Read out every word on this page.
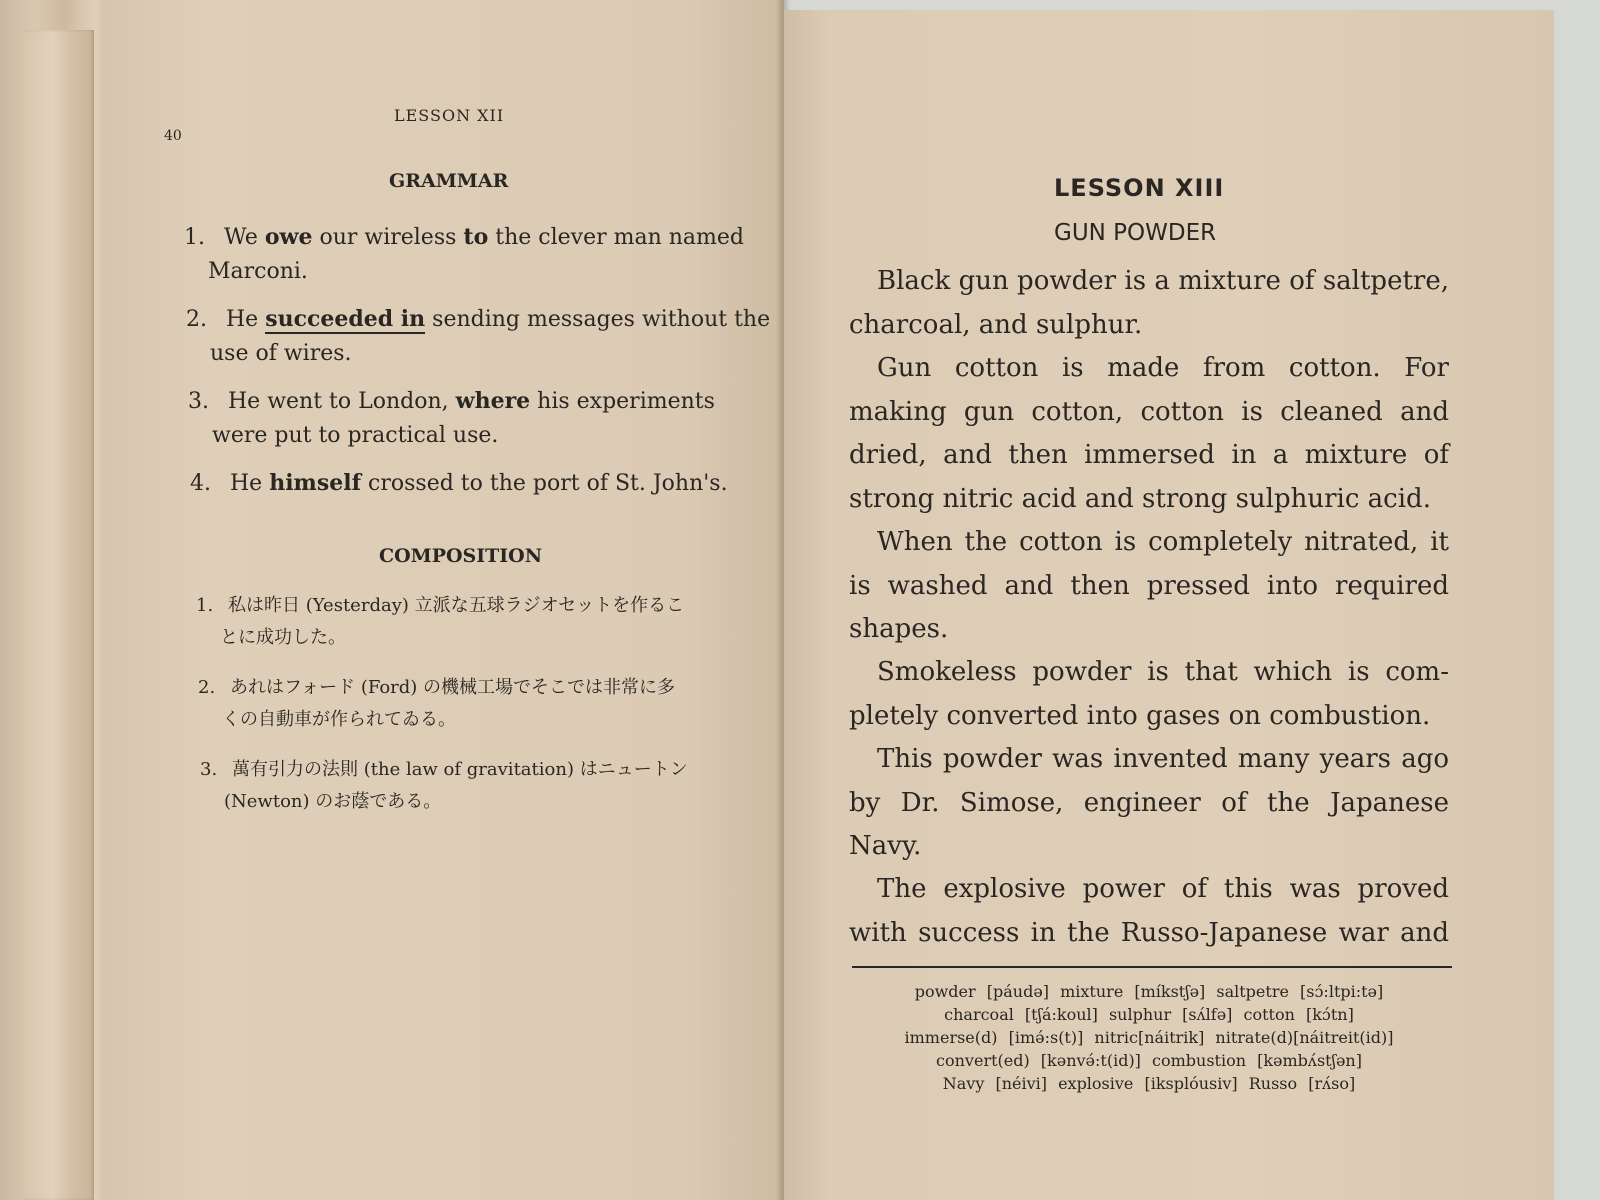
40
LESSON XII
GRAMMAR
1. We owe our wireless to the clever man named
Marconi.
2. He succeeded in sending messages without the
use of wires.
3. He went to London, where his experiments
were put to practical use.
4. He himself crossed to the port of St. John's.
COMPOSITION
1. 私は昨日 (Yesterday) 立派な五球ラジオセットを作るこ
とに成功した。
2. あれはフォード (Ford) の機械工場でそこでは非常に多
くの自動車が作られてゐる。
3. 萬有引力の法則 (the law of gravitation) はニュートン
(Newton) のお蔭である。
LESSON XIII
GUN POWDER
Black gun powder is a mixture of saltpetre,
charcoal, and sulphur.
Gun cotton is made from cotton. For
making gun cotton, cotton is cleaned and
dried, and then immersed in a mixture of
strong nitric acid and strong sulphuric acid.
When the cotton is completely nitrated, it
is washed and then pressed into required
shapes.
Smokeless powder is that which is com-
pletely converted into gases on combustion.
This powder was invented many years ago
by Dr. Simose, engineer of the Japanese
Navy.
The explosive power of this was proved
with success in the Russo-Japanese war and
powder [páudə] mixture [míkstʃə] saltpetre [sɔ́:ltpi:tə]
charcoal [tʃá:koul] sulphur [sʌ́lfə] cotton [kɔ́tn]
immerse(d) [imə́:s(t)] nitric[náitrik] nitrate(d)[náitreit(id)]
convert(ed) [kənvə́:t(id)] combustion [kəmbʌ́stʃən]
Navy [néivi] explosive [iksplóusiv] Russo [rʌ́so]
